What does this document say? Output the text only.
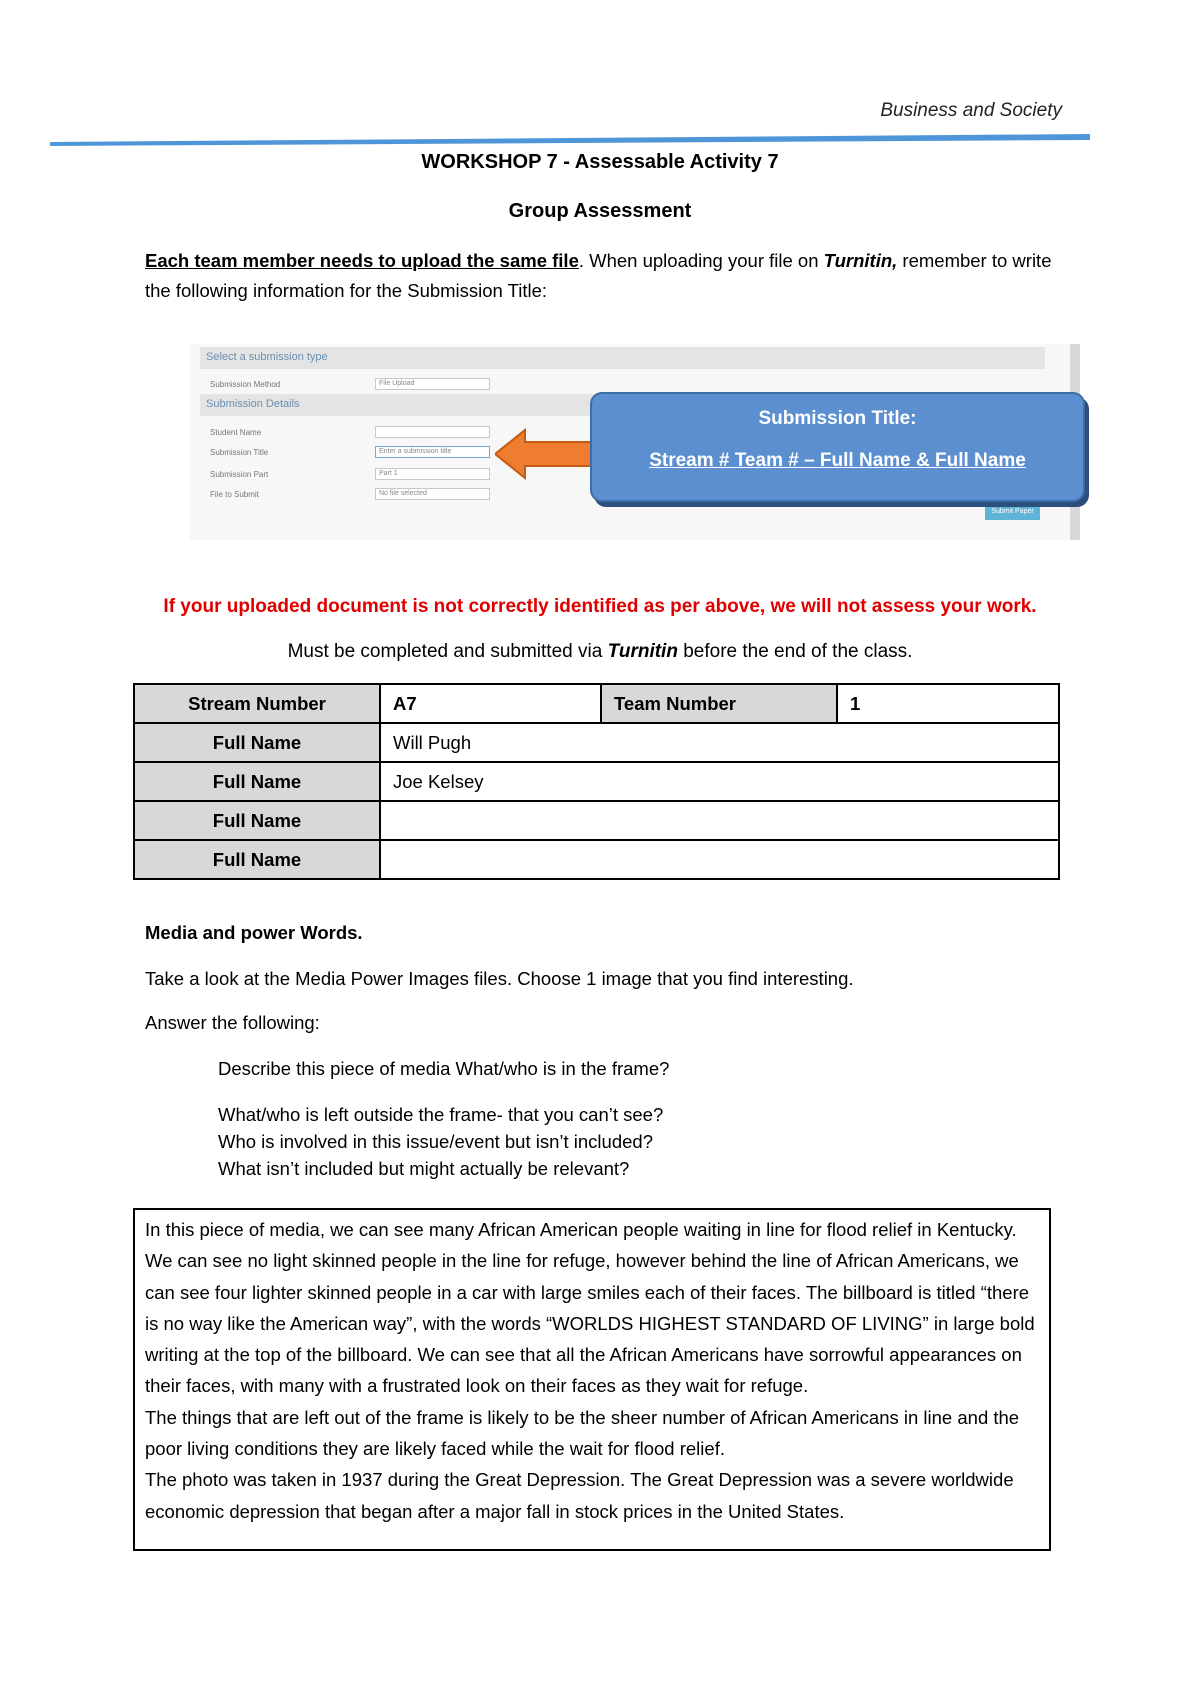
Business and Society
WORKSHOP 7 - Assessable Activity 7
Group Assessment
Each team member needs to upload the same file. When uploading your file on Turnitin, remember to write the following information for the Submission Title:
Select a submission type
Submission Details
Submission Method
Student Name
Submission Title
Submission Part
File to Submit
File Upload
Enter a submission title
Part 1
No file selected
Submit Paper
Submission Title:
Stream # Team # – Full Name & Full Name
If your uploaded document is not correctly identified as per above, we will not assess your work.
Must be completed and submitted via Turnitin before the end of the class.
Stream Number	A7	Team Number	1
Full Name	Will Pugh		
Full Name	Joe Kelsey		
Full Name			
Full Name			
Media and power Words.
Take a look at the Media Power Images files. Choose 1 image that you find interesting.
Answer the following:
Describe this piece of media What/who is in the frame?
What/who is left outside the frame- that you can’t see?
Who is involved in this issue/event but isn’t included?
What isn’t included but might actually be relevant?

In this piece of media, we can see many African American people waiting in line for flood relief in Kentucky. We can see no light skinned people in the line for refuge, however behind the line of African Americans, we can see four lighter skinned people in a car with large smiles each of their faces. The billboard is titled “there is no way like the American way”, with the words “WORLDS HIGHEST STANDARD OF LIVING” in large bold writing at the top of the billboard. We can see that all the African Americans have sorrowful appearances on their faces, with many with a frustrated look on their faces as they wait for refuge.

The things that are left out of the frame is likely to be the sheer number of African Americans in line and the poor living conditions they are likely faced while the wait for flood relief.

The photo was taken in 1937 during the Great Depression. The Great Depression was a severe worldwide economic depression that began after a major fall in stock prices in the United States.
